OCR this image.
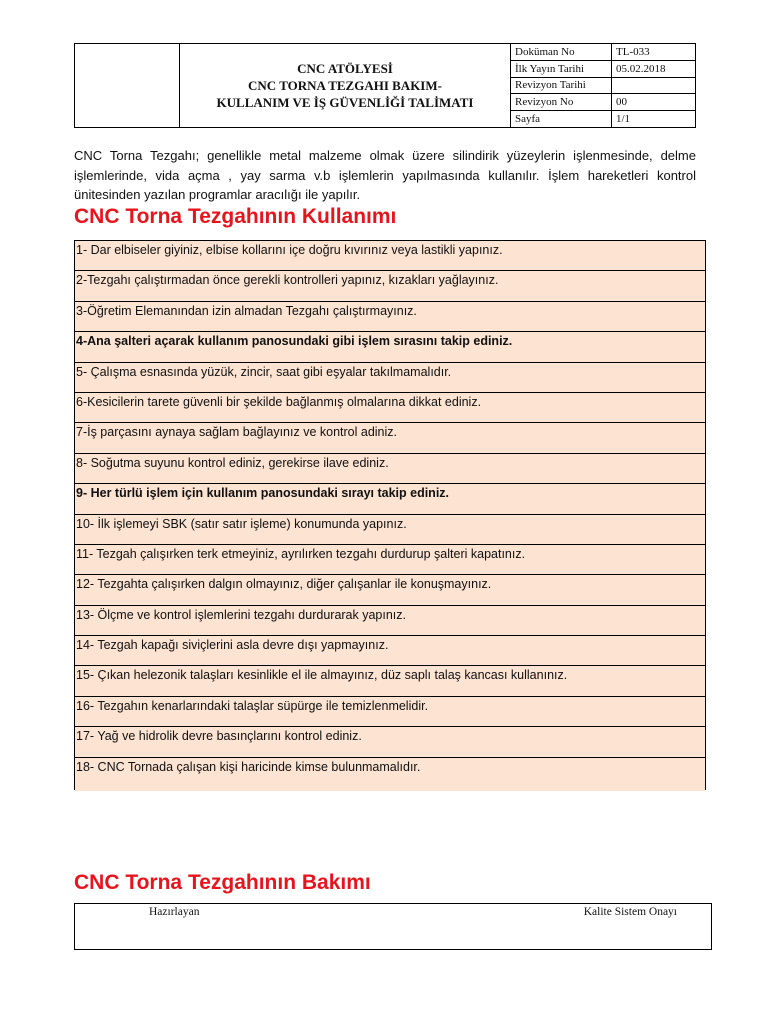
CNC ATÖLYESİ
CNC TORNA TEZGAHI BAKIM-
KULLANIM VE İŞ GÜVENLİĞİ TALİMATI
Doküman No	TL-033
İlk Yayın Tarihi	05.02.2018
Revizyon Tarihi
Revizyon No	00
Sayfa	1/1
CNC Torna Tezgahı; genellikle metal malzeme olmak üzere silindirik yüzeylerin işlenmesinde, delme işlemlerinde, vida açma , yay sarma v.b işlemlerin yapılmasında kullanılır. İşlem hareketleri kontrol ünitesinden yazılan programlar aracılığı ile yapılır.
CNC Torna Tezgahının Kullanımı
1- Dar elbiseler giyiniz, elbise kollarını içe doğru kıvırınız veya lastikli yapınız.
2-Tezgahı çalıştırmadan önce gerekli kontrolleri yapınız, kızakları yağlayınız.
3-Öğretim Elemanından izin almadan Tezgahı çalıştırmayınız.
4-Ana şalteri açarak kullanım panosundaki gibi işlem sırasını takip ediniz.
5- Çalışma esnasında yüzük, zincir, saat gibi eşyalar takılmamalıdır.
6-Kesicilerin tarete güvenli bir şekilde bağlanmış olmalarına dikkat ediniz.
7-İş parçasını aynaya sağlam bağlayınız ve kontrol adiniz.
8- Soğutma suyunu kontrol ediniz, gerekirse ilave ediniz.
9- Her türlü işlem için kullanım panosundaki sırayı takip ediniz.
10- İlk işlemeyi SBK (satır satır işleme) konumunda yapınız.
11- Tezgah çalışırken terk etmeyiniz, ayrılırken tezgahı durdurup şalteri kapatınız.
12- Tezgahta çalışırken dalgın olmayınız, diğer çalışanlar ile konuşmayınız.
13- Ölçme ve kontrol işlemlerini tezgahı durdurarak yapınız.
14- Tezgah kapağı siviçlerini asla devre dışı yapmayınız.
15- Çıkan helezonik talaşları kesinlikle el ile almayınız, düz saplı talaş kancası kullanınız.
16- Tezgahın kenarlarındaki talaşlar süpürge ile temizlenmelidir.
17- Yağ ve hidrolik devre basınçlarını kontrol ediniz.
18- CNC Tornada çalışan kişi haricinde kimse bulunmamalıdır.
CNC Torna Tezgahının Bakımı
Hazırlayan	Kalite Sistem Onayı
